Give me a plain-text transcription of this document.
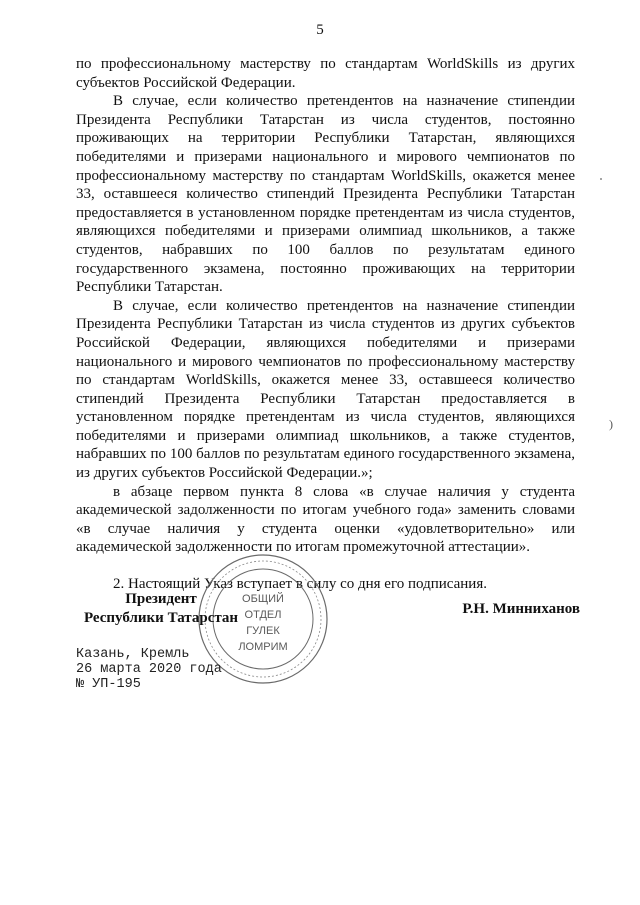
5

по профессиональному мастерству по стандартам WorldSkills из других субъектов Российской Федерации.

В случае, если количество претендентов на назначение стипендии Президента Республики Татарстан из числа студентов, постоянно проживающих на территории Республики Татарстан, являющихся победителями и призерами национального и мирового чемпионатов по профессиональному мастерству по стандартам WorldSkills, окажется менее 33, оставшееся количество стипендий Президента Республики Татарстан предоставляется в установленном порядке претендентам из числа студентов, являющихся победителями и призерами олимпиад школьников, а также студентов, набравших по 100 баллов по результатам единого государственного экзамена, постоянно проживающих на территории Республики Татарстан.

В случае, если количество претендентов на назначение стипендии Президента Республики Татарстан из числа студентов из других субъектов Российской Федерации, являющихся победителями и призерами национального и мирового чемпионатов по профессиональному мастерству по стандартам WorldSkills, окажется менее 33, оставшееся количество стипендий Президента Республики Татарстан предоставляется в установленном порядке претендентам из числа студентов, являющихся победителями и призерами олимпиад школьников, а также студентов, набравших по 100 баллов по результатам единого государственного экзамена, из других субъектов Российской Федерации.»;

в абзаце первом пункта 8 слова «в случае наличия у студента академической задолженности по итогам учебного года» заменить словами «в случае наличия у студента оценки «удовлетворительно» или академической задолженности по итогам промежуточной аттестации».

2. Настоящий Указ вступает в силу со дня его подписания.

)
ОБЩИЙ
ОТДЕЛ
ГУЛЕК
ЛОМРИМ
Президент
Республики Татарстан
Р.Н. Минниханов
Казань, Кремль
26 марта 2020 года
№ УП-195
